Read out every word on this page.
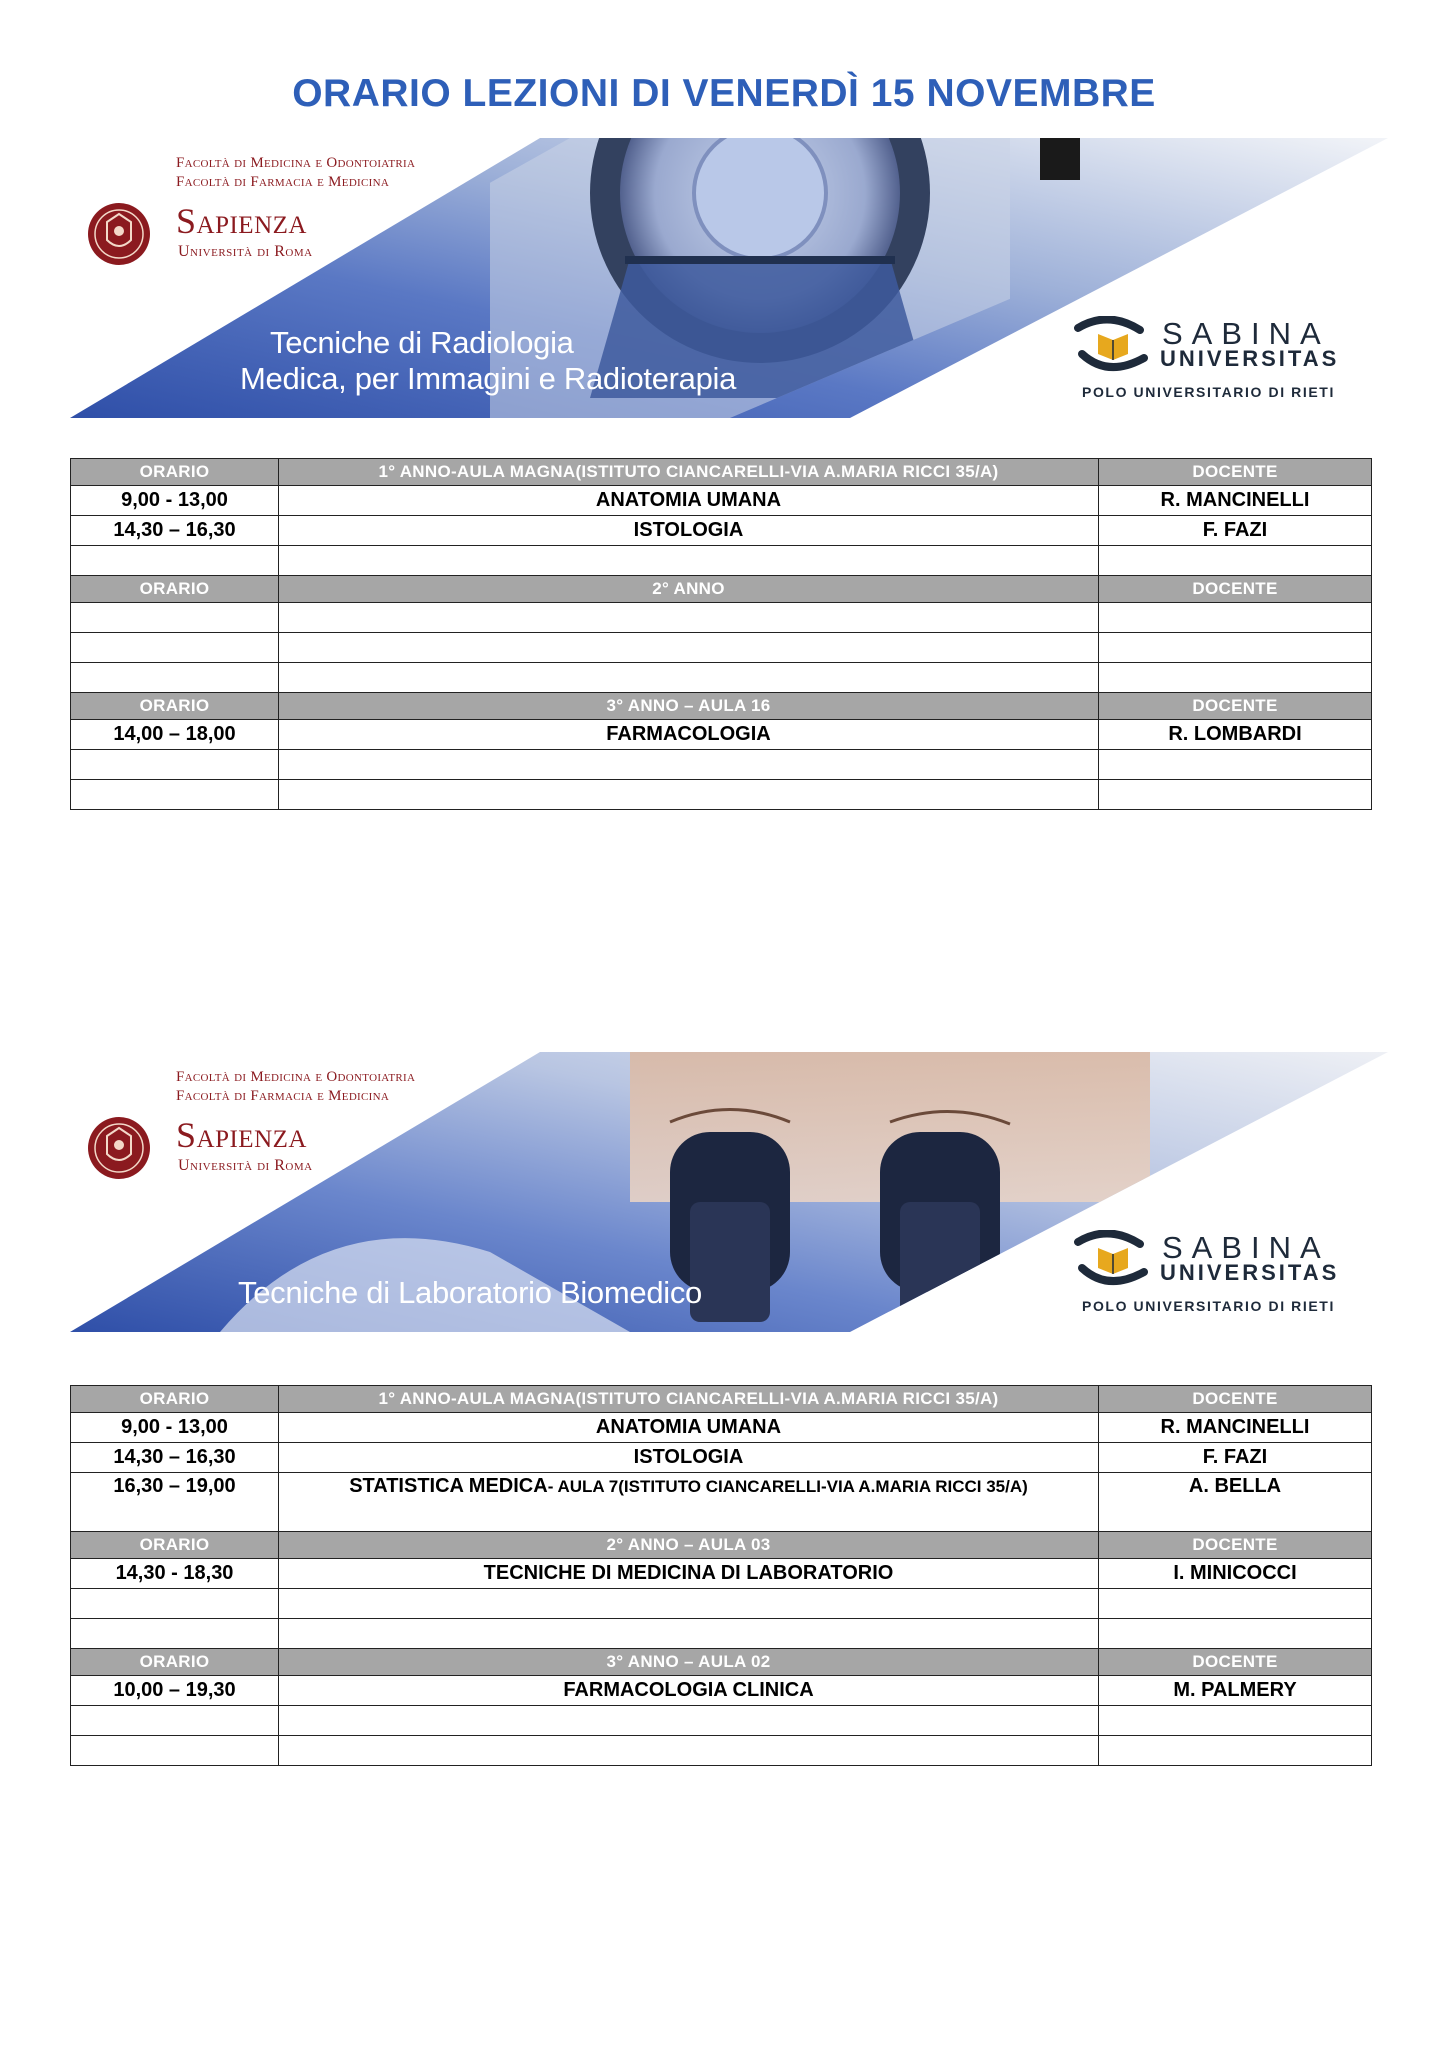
ORARIO LEZIONI DI VENERDÌ 15 NOVEMBRE
Facoltà di Medicina e Odontoiatria
Facoltà di Farmacia e Medicina
Sapienza
Università di Roma
Tecniche di Radiologia
Medica, per Immagini e Radioterapia
SABINA
UNIVERSITAS
POLO UNIVERSITARIO DI RIETI
ORARIO	1° ANNO-AULA MAGNA(ISTITUTO CIANCARELLI-VIA A.MARIA RICCI 35/A)	DOCENTE
9,00 - 13,00	ANATOMIA UMANA	R. MANCINELLI
14,30 – 16,30	ISTOLOGIA	F. FAZI

ORARIO	2° ANNO	DOCENTE

ORARIO	3° ANNO – AULA 16	DOCENTE
14,00 – 18,00	FARMACOLOGIA	R. LOMBARDI

Facoltà di Medicina e Odontoiatria
Facoltà di Farmacia e Medicina
Sapienza
Università di Roma
Tecniche di Laboratorio Biomedico
SABINA
UNIVERSITAS
POLO UNIVERSITARIO DI RIETI
ORARIO	1° ANNO-AULA MAGNA(ISTITUTO CIANCARELLI-VIA A.MARIA RICCI 35/A)	DOCENTE
9,00 - 13,00	ANATOMIA UMANA	R. MANCINELLI
14,30 – 16,30	ISTOLOGIA	F. FAZI
16,30 – 19,00	STATISTICA MEDICA- AULA 7(ISTITUTO CIANCARELLI-VIA A.MARIA RICCI 35/A)	A. BELLA
ORARIO	2° ANNO – AULA 03	DOCENTE
14,30 - 18,30	TECNICHE DI MEDICINA DI LABORATORIO	I. MINICOCCI

ORARIO	3° ANNO – AULA 02	DOCENTE
10,00 – 19,30	FARMACOLOGIA CLINICA	M. PALMERY
